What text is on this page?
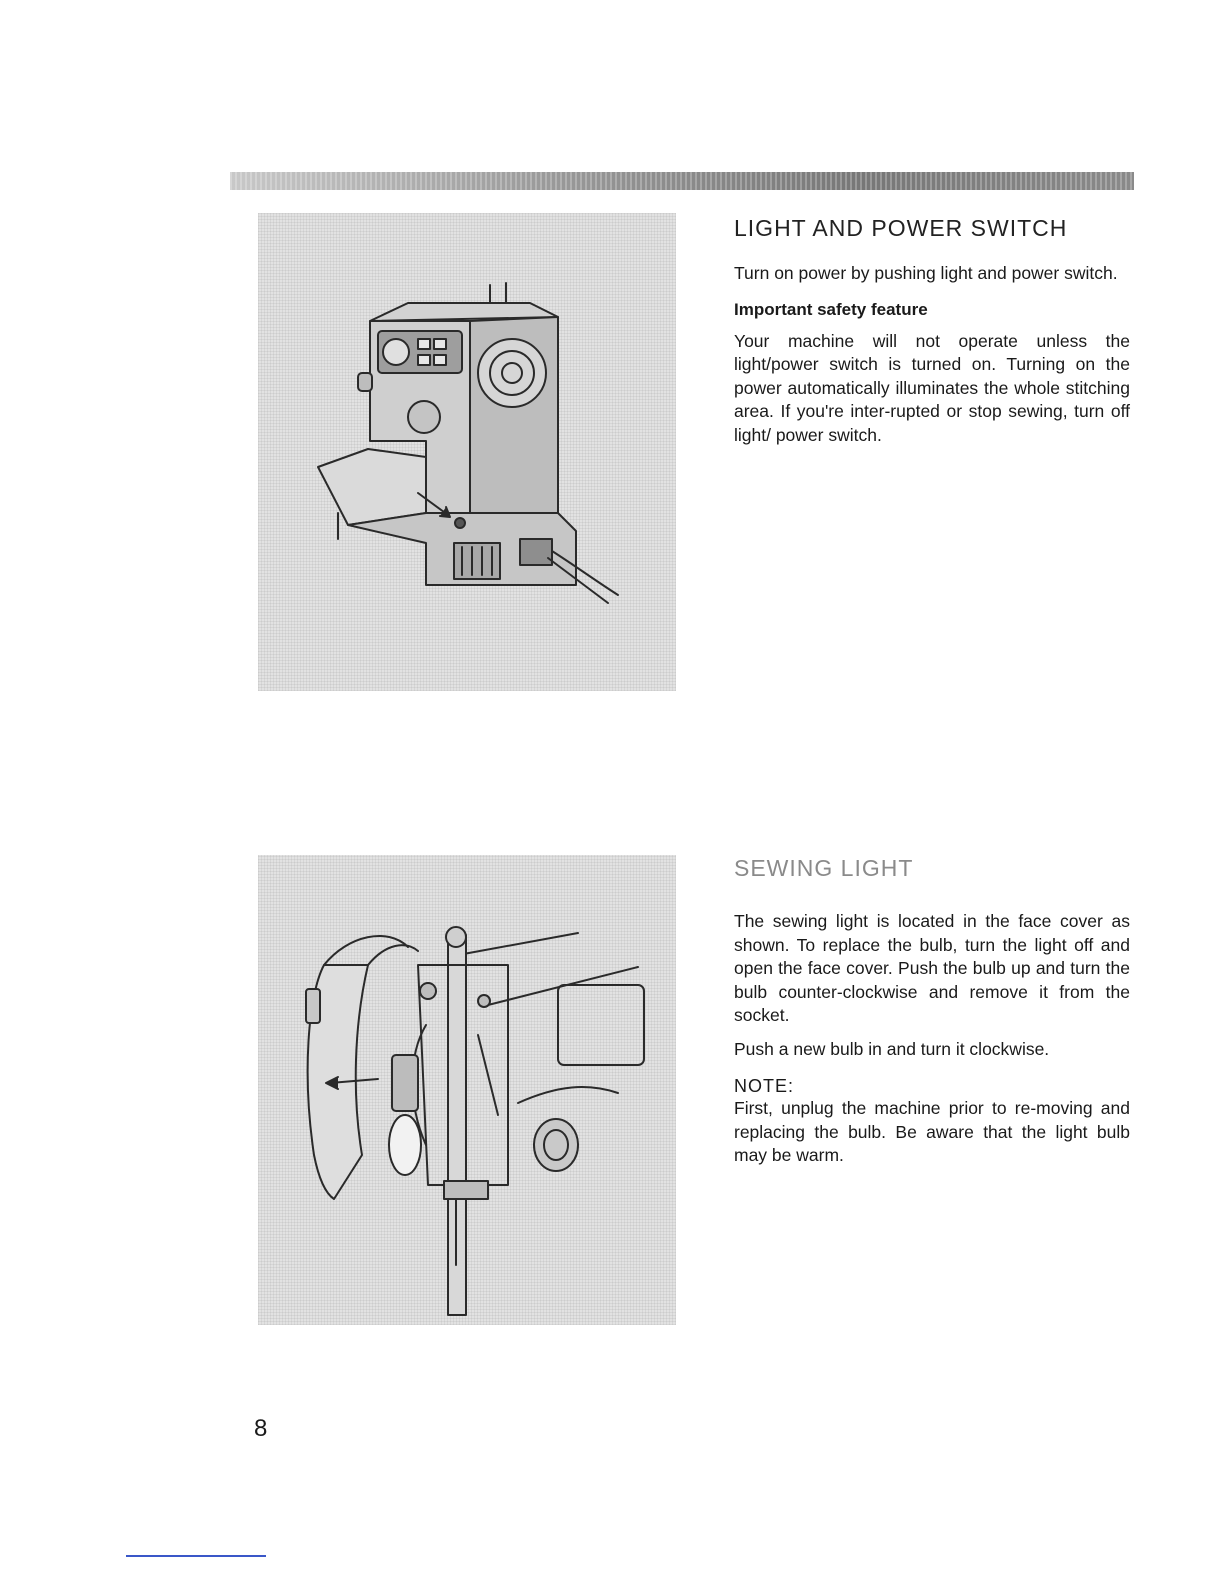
LIGHT AND POWER SWITCH

Turn on power by pushing light and power switch.

Important safety feature

Your machine will not operate unless the light/power switch is turned on. Turning on the power automatically illuminates the whole stitching area. If you're inter-rupted or stop sewing, turn off light/ power switch.

SEWING LIGHT

The sewing light is located in the face cover as shown. To replace the bulb, turn the light off and open the face cover. Push the bulb up and turn the bulb counter-clockwise and remove it from the socket.

Push a new bulb in and turn it clockwise.

NOTE:

First, unplug the machine prior to re-moving and replacing the bulb. Be aware that the light bulb may be warm.

8
